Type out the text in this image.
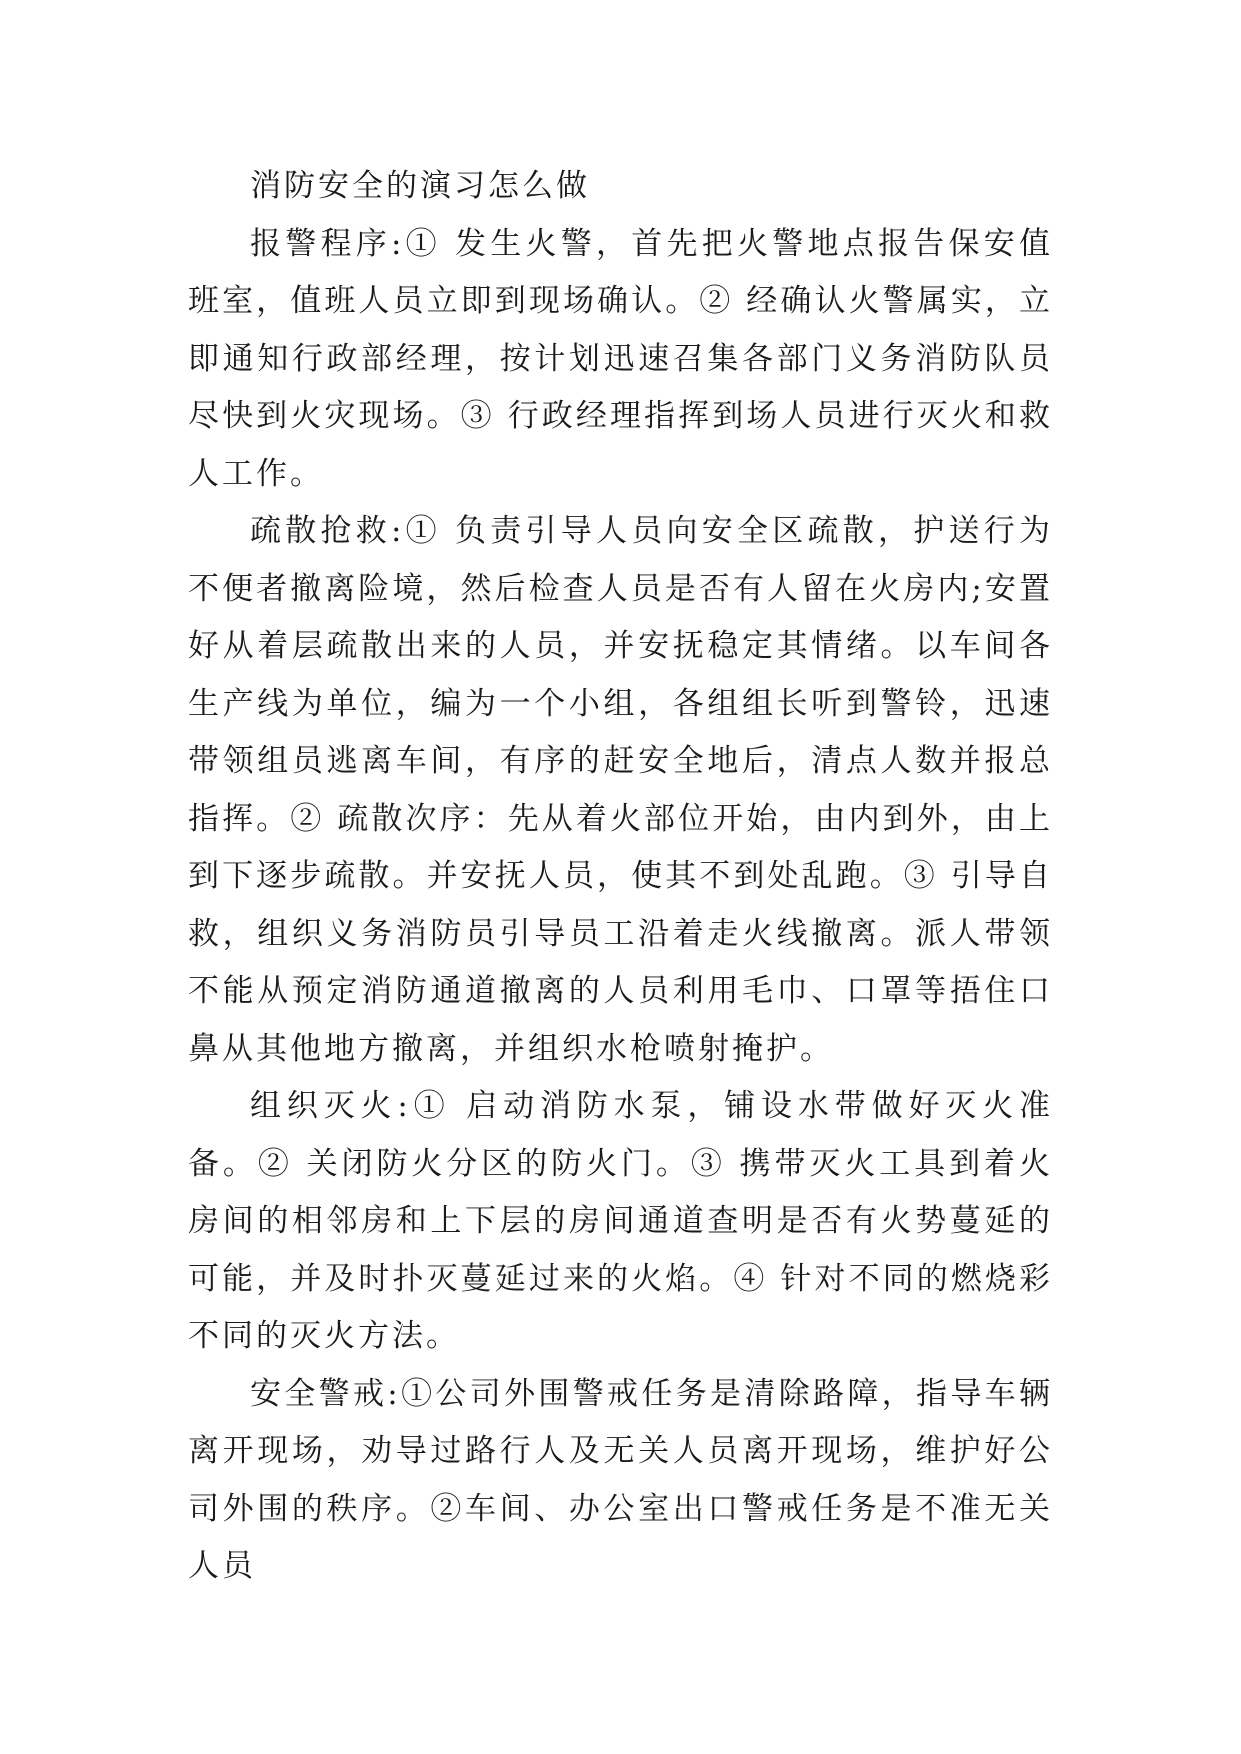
消防安全的演习怎么做

报警程序:① 发生火警，首先把火警地点报告保安值班室，值班人员立即到现场确认。② 经确认火警属实，立即通知行政部经理，按计划迅速召集各部门义务消防队员尽快到火灾现场。③ 行政经理指挥到场人员进行灭火和救人工作。

疏散抢救:① 负责引导人员向安全区疏散，护送行为不便者撤离险境，然后检查人员是否有人留在火房内;安置好从着层疏散出来的人员，并安抚稳定其情绪。以车间各生产线为单位，编为一个小组，各组组长听到警铃，迅速带领组员逃离车间，有序的赶安全地后，清点人数并报总指挥。② 疏散次序：先从着火部位开始，由内到外，由上到下逐步疏散。并安抚人员，使其不到处乱跑。③ 引导自救，组织义务消防员引导员工沿着走火线撤离。派人带领不能从预定消防通道撤离的人员利用毛巾、口罩等捂住口鼻从其他地方撤离，并组织水枪喷射掩护。

组织灭火:① 启动消防水泵，铺设水带做好灭火准备。② 关闭防火分区的防火门。③ 携带灭火工具到着火房间的相邻房和上下层的房间通道查明是否有火势蔓延的可能，并及时扑灭蔓延过来的火焰。④ 针对不同的燃烧彩不同的灭火方法。

安全警戒:①公司外围警戒任务是清除路障，指导车辆离开现场，劝导过路行人及无关人员离开现场，维护好公司外围的秩序。②车间、办公室出口警戒任务是不准无关人员
